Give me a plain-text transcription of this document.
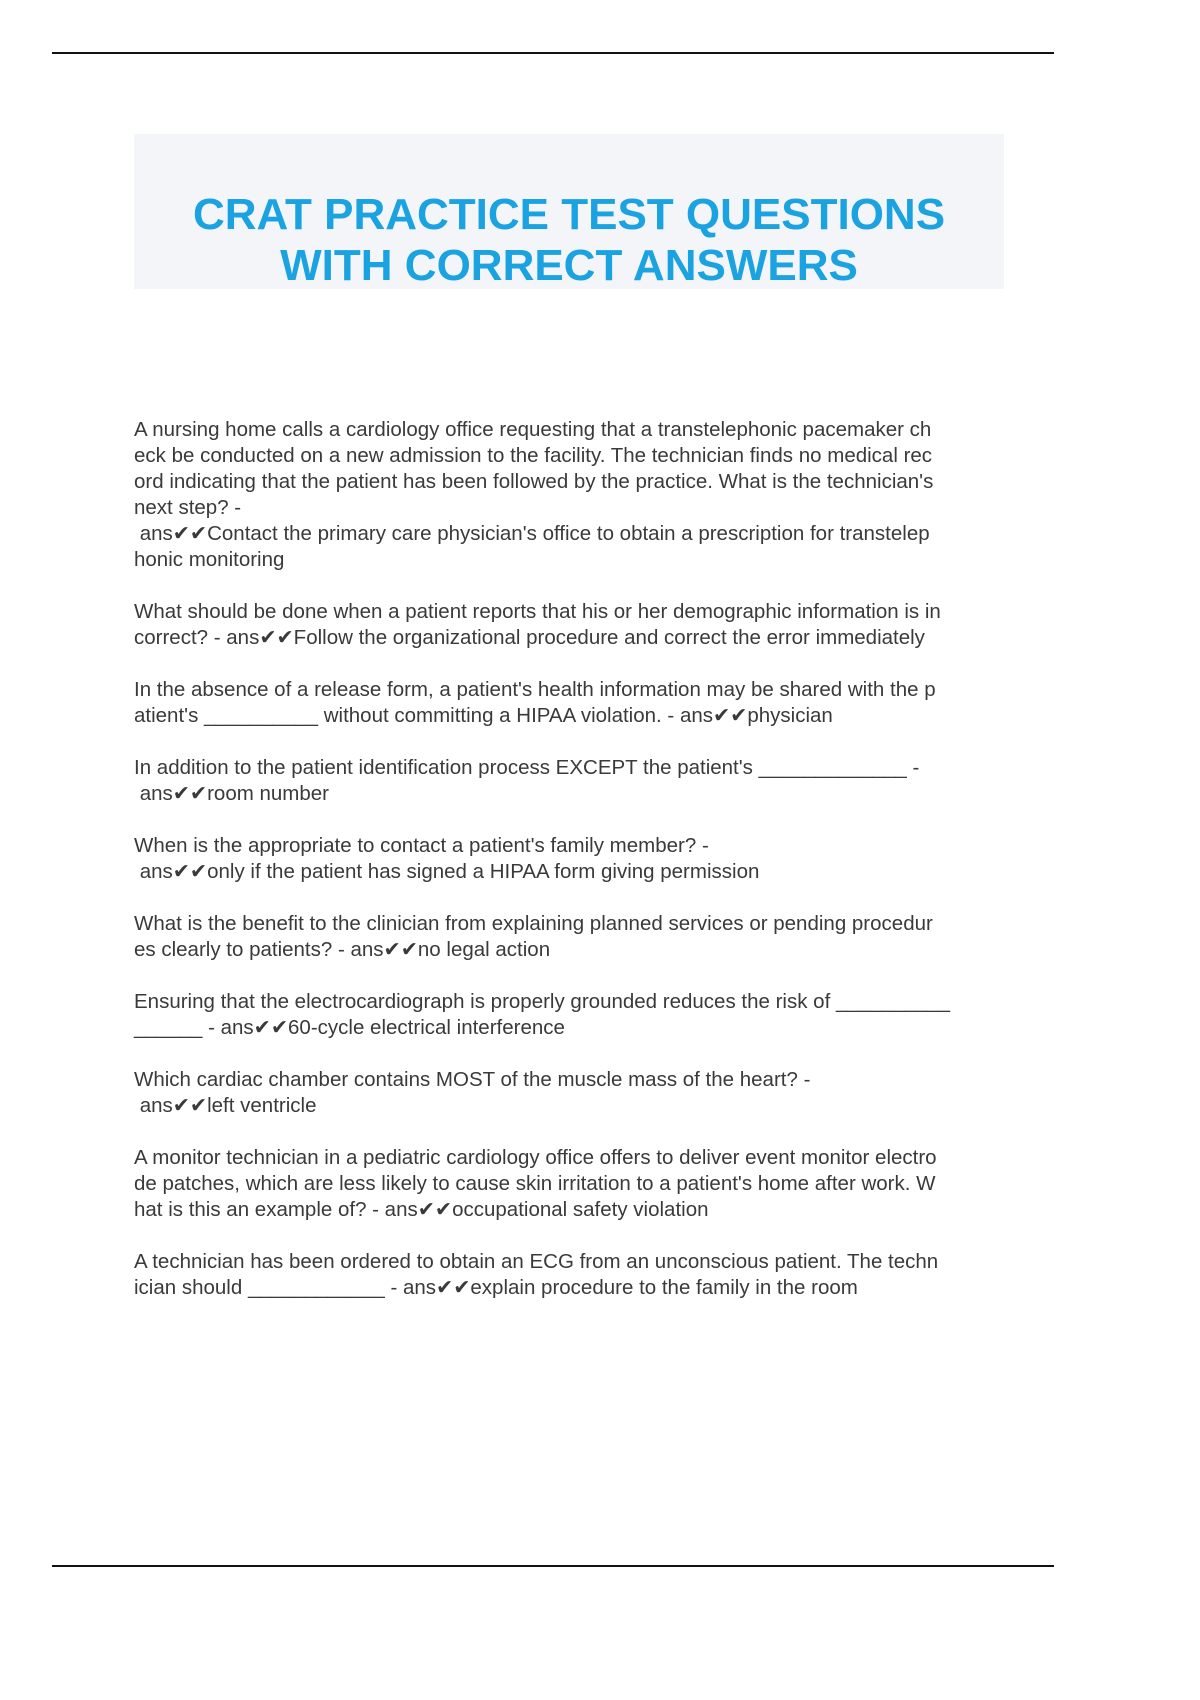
CRAT PRACTICE TEST QUESTIONS
WITH CORRECT ANSWERS
A nursing home calls a cardiology office requesting that a transtelephonic pacemaker ch
eck be conducted on a new admission to the facility. The technician finds no medical rec
ord indicating that the patient has been followed by the practice. What is the technician's
next step? -
ans✔✔Contact the primary care physician's office to obtain a prescription for transtelep
honic monitoring
What should be done when a patient reports that his or her demographic information is in
correct? - ans✔✔Follow the organizational procedure and correct the error immediately
In the absence of a release form, a patient's health information may be shared with the p
atient's __________ without committing a HIPAA violation. - ans✔✔physician
In addition to the patient identification process EXCEPT the patient's _____________ -
ans✔✔room number
When is the appropriate to contact a patient's family member? -
ans✔✔only if the patient has signed a HIPAA form giving permission
What is the benefit to the clinician from explaining planned services or pending procedur
es clearly to patients? - ans✔✔no legal action
Ensuring that the electrocardiograph is properly grounded reduces the risk of __________
______ - ans✔✔60-cycle electrical interference
Which cardiac chamber contains MOST of the muscle mass of the heart? -
ans✔✔left ventricle
A monitor technician in a pediatric cardiology office offers to deliver event monitor electro
de patches, which are less likely to cause skin irritation to a patient's home after work. W
hat is this an example of? - ans✔✔occupational safety violation
A technician has been ordered to obtain an ECG from an unconscious patient. The techn
ician should ____________ - ans✔✔explain procedure to the family in the room
